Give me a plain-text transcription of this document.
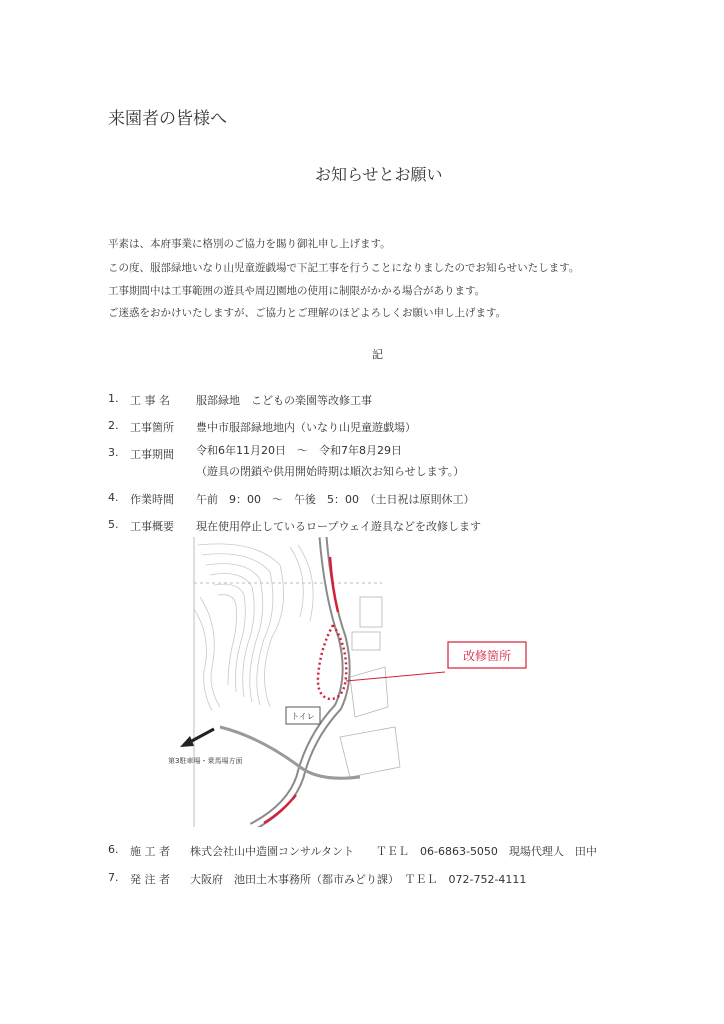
来園者の皆様へ
お知らせとお願い
平素は、本府事業に格別のご協力を賜り御礼申し上げます。
この度、服部緑地いなり山児童遊戯場で下記工事を行うことになりましたのでお知らせいたします。
工事期間中は工事範囲の遊具や周辺園地の使用に制限がかかる場合があります。
ご迷惑をおかけいたしますが、ご協力とご理解のほどよろしくお願い申し上げます。
記
1. 工 事 名 服部緑地　こどもの楽園等改修工事
2. 工事箇所 豊中市服部緑地地内（いなり山児童遊戯場）
3. 工事期間 令和6年11月20日　～　令和7年8月29日
（遊具の閉鎖や供用開始時期は順次お知らせします。）
4. 作業時間 午前　9：00　～　午後　5：00　（土日祝は原則休工）
5. 工事概要 現在使用停止しているロープウェイ遊具などを改修します
改修箇所
トイレ
第3駐車場・乗馬場方面
6. 施 工 者 株式会社山中造園コンサルタント　　ＴＥＬ　06-6863-5050　現場代理人　田中
7. 発 注 者 大阪府　池田土木事務所（都市みどり課）　ＴＥＬ　072-752-4111
